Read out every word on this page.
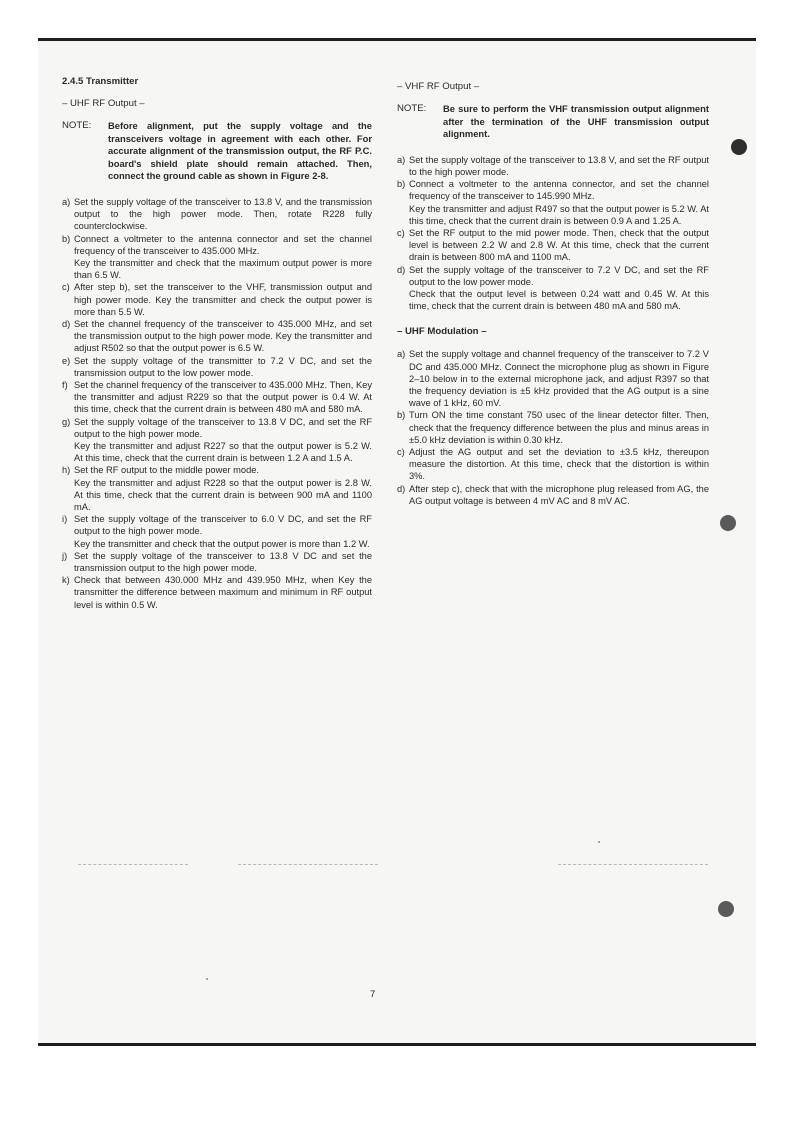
2.4.5 Transmitter
– UHF RF Output –
NOTE:	Before alignment, put the supply voltage and the transceivers voltage in agreement with each other. For accurate alignment of the transmission output, the RF P.C. board's shield plate should remain attached. Then, connect the ground cable as shown in Figure 2-8.
a) Set the supply voltage of the transceiver to 13.8 V, and the transmission output to the high power mode. Then, rotate R228 fully counterclockwise.
b) Connect a voltmeter to the antenna connector and set the channel frequency of the transceiver to 435.000 MHz.
Key the transmitter and check that the maximum output power is more than 6.5 W.
c) After step b), set the transceiver to the VHF, transmission output and high power mode. Key the transmitter and check the output power is more than 5.5 W.
d) Set the channel frequency of the transceiver to 435.000 MHz, and set the transmission output to the high power mode. Key the transmitter and adjust R502 so that the output power is 6.5 W.
e) Set the supply voltage of the transmitter to 7.2 V DC, and set the transmission output to the low power mode.
f) Set the channel frequency of the transceiver to 435.000 MHz. Then, Key the transmitter and adjust R229 so that the output power is 0.4 W. At this time, check that the current drain is between 480 mA and 580 mA.
g) Set the supply voltage of the transceiver to 13.8 V DC, and set the RF output to the high power mode.
Key the transmitter and adjust R227 so that the output power is 5.2 W. At this time, check that the current drain is between 1.2 A and 1.5 A.
h) Set the RF output to the middle power mode.
Key the transmitter and adjust R228 so that the output power is 2.8 W. At this time, check that the current drain is between 900 mA and 1100 mA.
i) Set the supply voltage of the transceiver to 6.0 V DC, and set the RF output to the high power mode.
Key the transmitter and check that the output power is more than 1.2 W.
j) Set the supply voltage of the transceiver to 13.8 V DC and set the transmission output to the high power mode.
k) Check that between 430.000 MHz and 439.950 MHz, when Key the transmitter the difference between maximum and minimum in RF output level is within 0.5 W.
– VHF RF Output –
NOTE:	Be sure to perform the VHF transmission output alignment after the termination of the UHF transmission output alignment.
a) Set the supply voltage of the transceiver to 13.8 V, and set the RF output to the high power mode.
b) Connect a voltmeter to the antenna connector, and set the channel frequency of the transceiver to 145.990 MHz.
Key the transmitter and adjust R497 so that the output power is 5.2 W. At this time, check that the current drain is between 0.9 A and 1.25 A.
c) Set the RF output to the mid power mode. Then, check that the output level is between 2.2 W and 2.8 W. At this time, check that the current drain is between 800 mA and 1100 mA.
d) Set the supply voltage of the transceiver to 7.2 V DC, and set the RF output to the low power mode.
Check that the output level is between 0.24 watt and 0.45 W. At this time, check that the current drain is between 480 mA and 580 mA.
– UHF Modulation –
a) Set the supply voltage and channel frequency of the transceiver to 7.2 V DC and 435.000 MHz. Connect the microphone plug as shown in Figure 2–10 below in to the external microphone jack, and adjust R397 so that the frequency deviation is ±5 kHz provided that the AG output is a sine wave of 1 kHz, 60 mV.
b) Turn ON the time constant 750 usec of the linear detector filter. Then, check that the frequency difference between the plus and minus areas in ±5.0 kHz deviation is within 0.30 kHz.
c) Adjust the AG output and set the deviation to ±3.5 kHz, thereupon measure the distortion. At this time, check that the distortion is within 3%.
d) After step c), check that with the microphone plug released from AG, the AG output voltage is between 4 mV AC and 8 mV AC.
7
